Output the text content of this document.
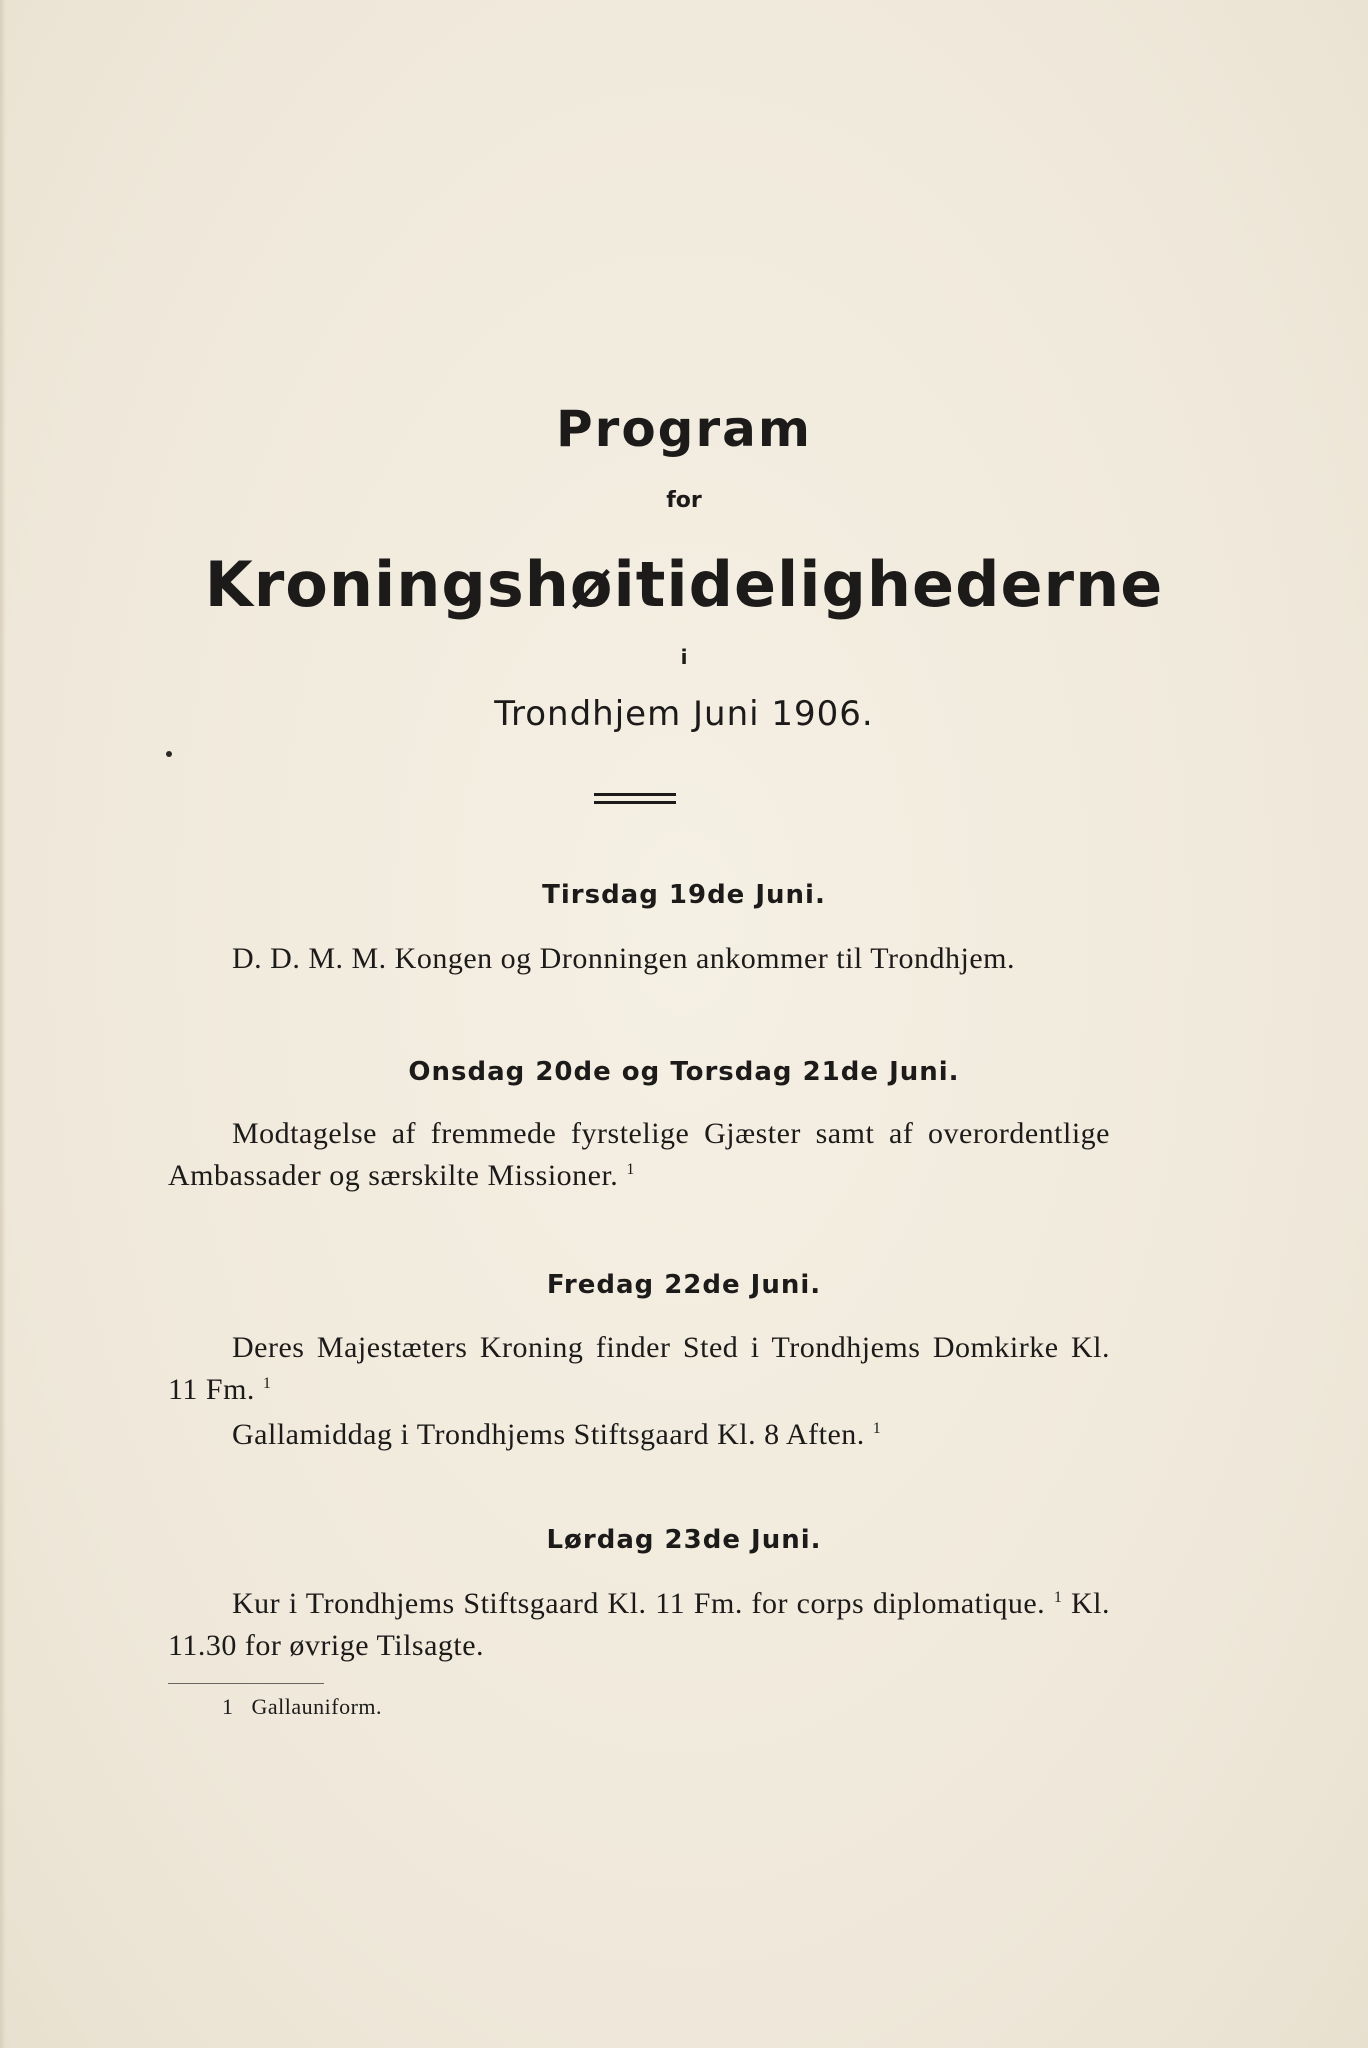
Program
for
Kroningshøitidelighederne
i
Trondhjem Juni 1906.
Tirsdag 19de Juni.
D. D. M. M. Kongen og Dronningen ankommer til Trondhjem.
Onsdag 20de og Torsdag 21de Juni.
Modtagelse af fremmede fyrstelige Gjæster samt af overordentlige Ambassader og særskilte Missioner. $^1$
Fredag 22de Juni.
Deres Majestæters Kroning finder Sted i Trondhjems Domkirke Kl. 11 Fm. $^1$
Gallamiddag i Trondhjems Stiftsgaard Kl. 8 Aften. $^1$
Lørdag 23de Juni.
Kur i Trondhjems Stiftsgaard Kl. 11 Fm. for corps diplomatique. $^1$ Kl. 11.30 for øvrige Tilsagte.
1 Gallauniform.
